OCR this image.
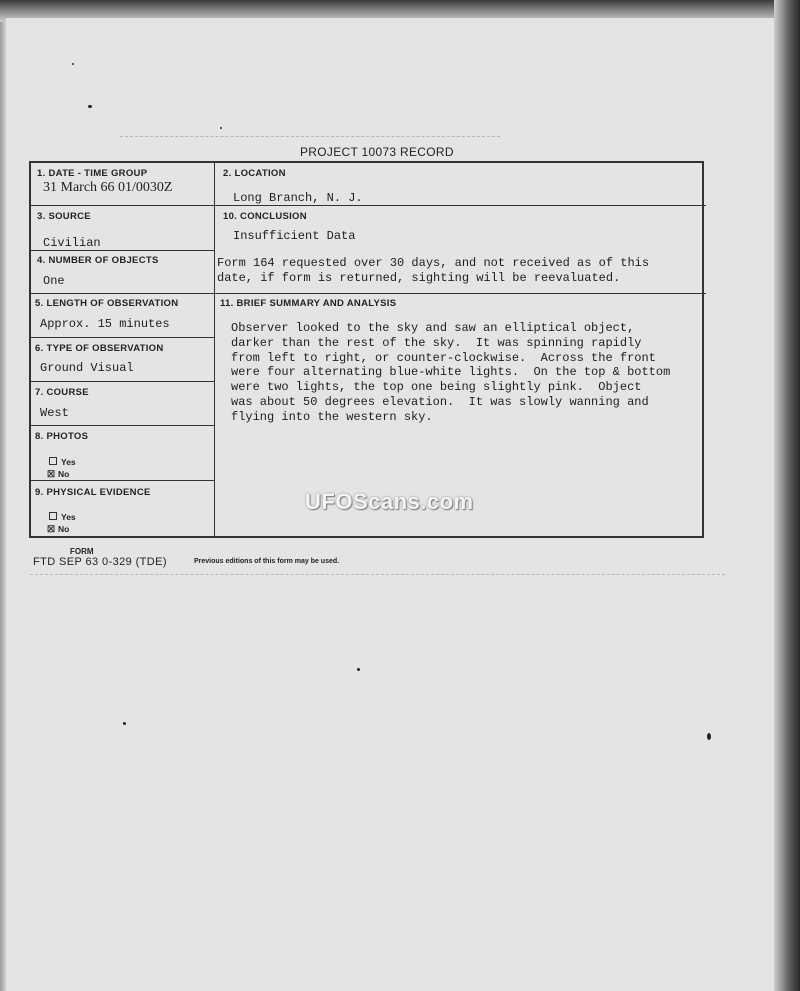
PROJECT 10073 RECORD
1. DATE - TIME GROUP
31 March 66 01/0030Z
2. LOCATION
Long Branch, N. J.
3. SOURCE
Civilian
10. CONCLUSION
Insufficient Data
Form 164 requested over 30 days, and not received as of this
date, if form is returned, sighting will be reevaluated.
4. NUMBER OF OBJECTS
One
5. LENGTH OF OBSERVATION
Approx. 15 minutes
11. BRIEF SUMMARY AND ANALYSIS
Observer looked to the sky and saw an elliptical object,
darker than the rest of the sky.  It was spinning rapidly
from left to right, or counter-clockwise.  Across the front
were four alternating blue-white lights.  On the top & bottom
were two lights, the top one being slightly pink.  Object
was about 50 degrees elevation.  It was slowly wanning and
flying into the western sky.
6. TYPE OF OBSERVATION
Ground Visual
7. COURSE
West
8. PHOTOS
Yes
☒ No
9. PHYSICAL EVIDENCE
Yes
☒ No
UFOScans.com
FORM
FTD SEP 63 0-329 (TDE)	Previous editions of this form may be used.
